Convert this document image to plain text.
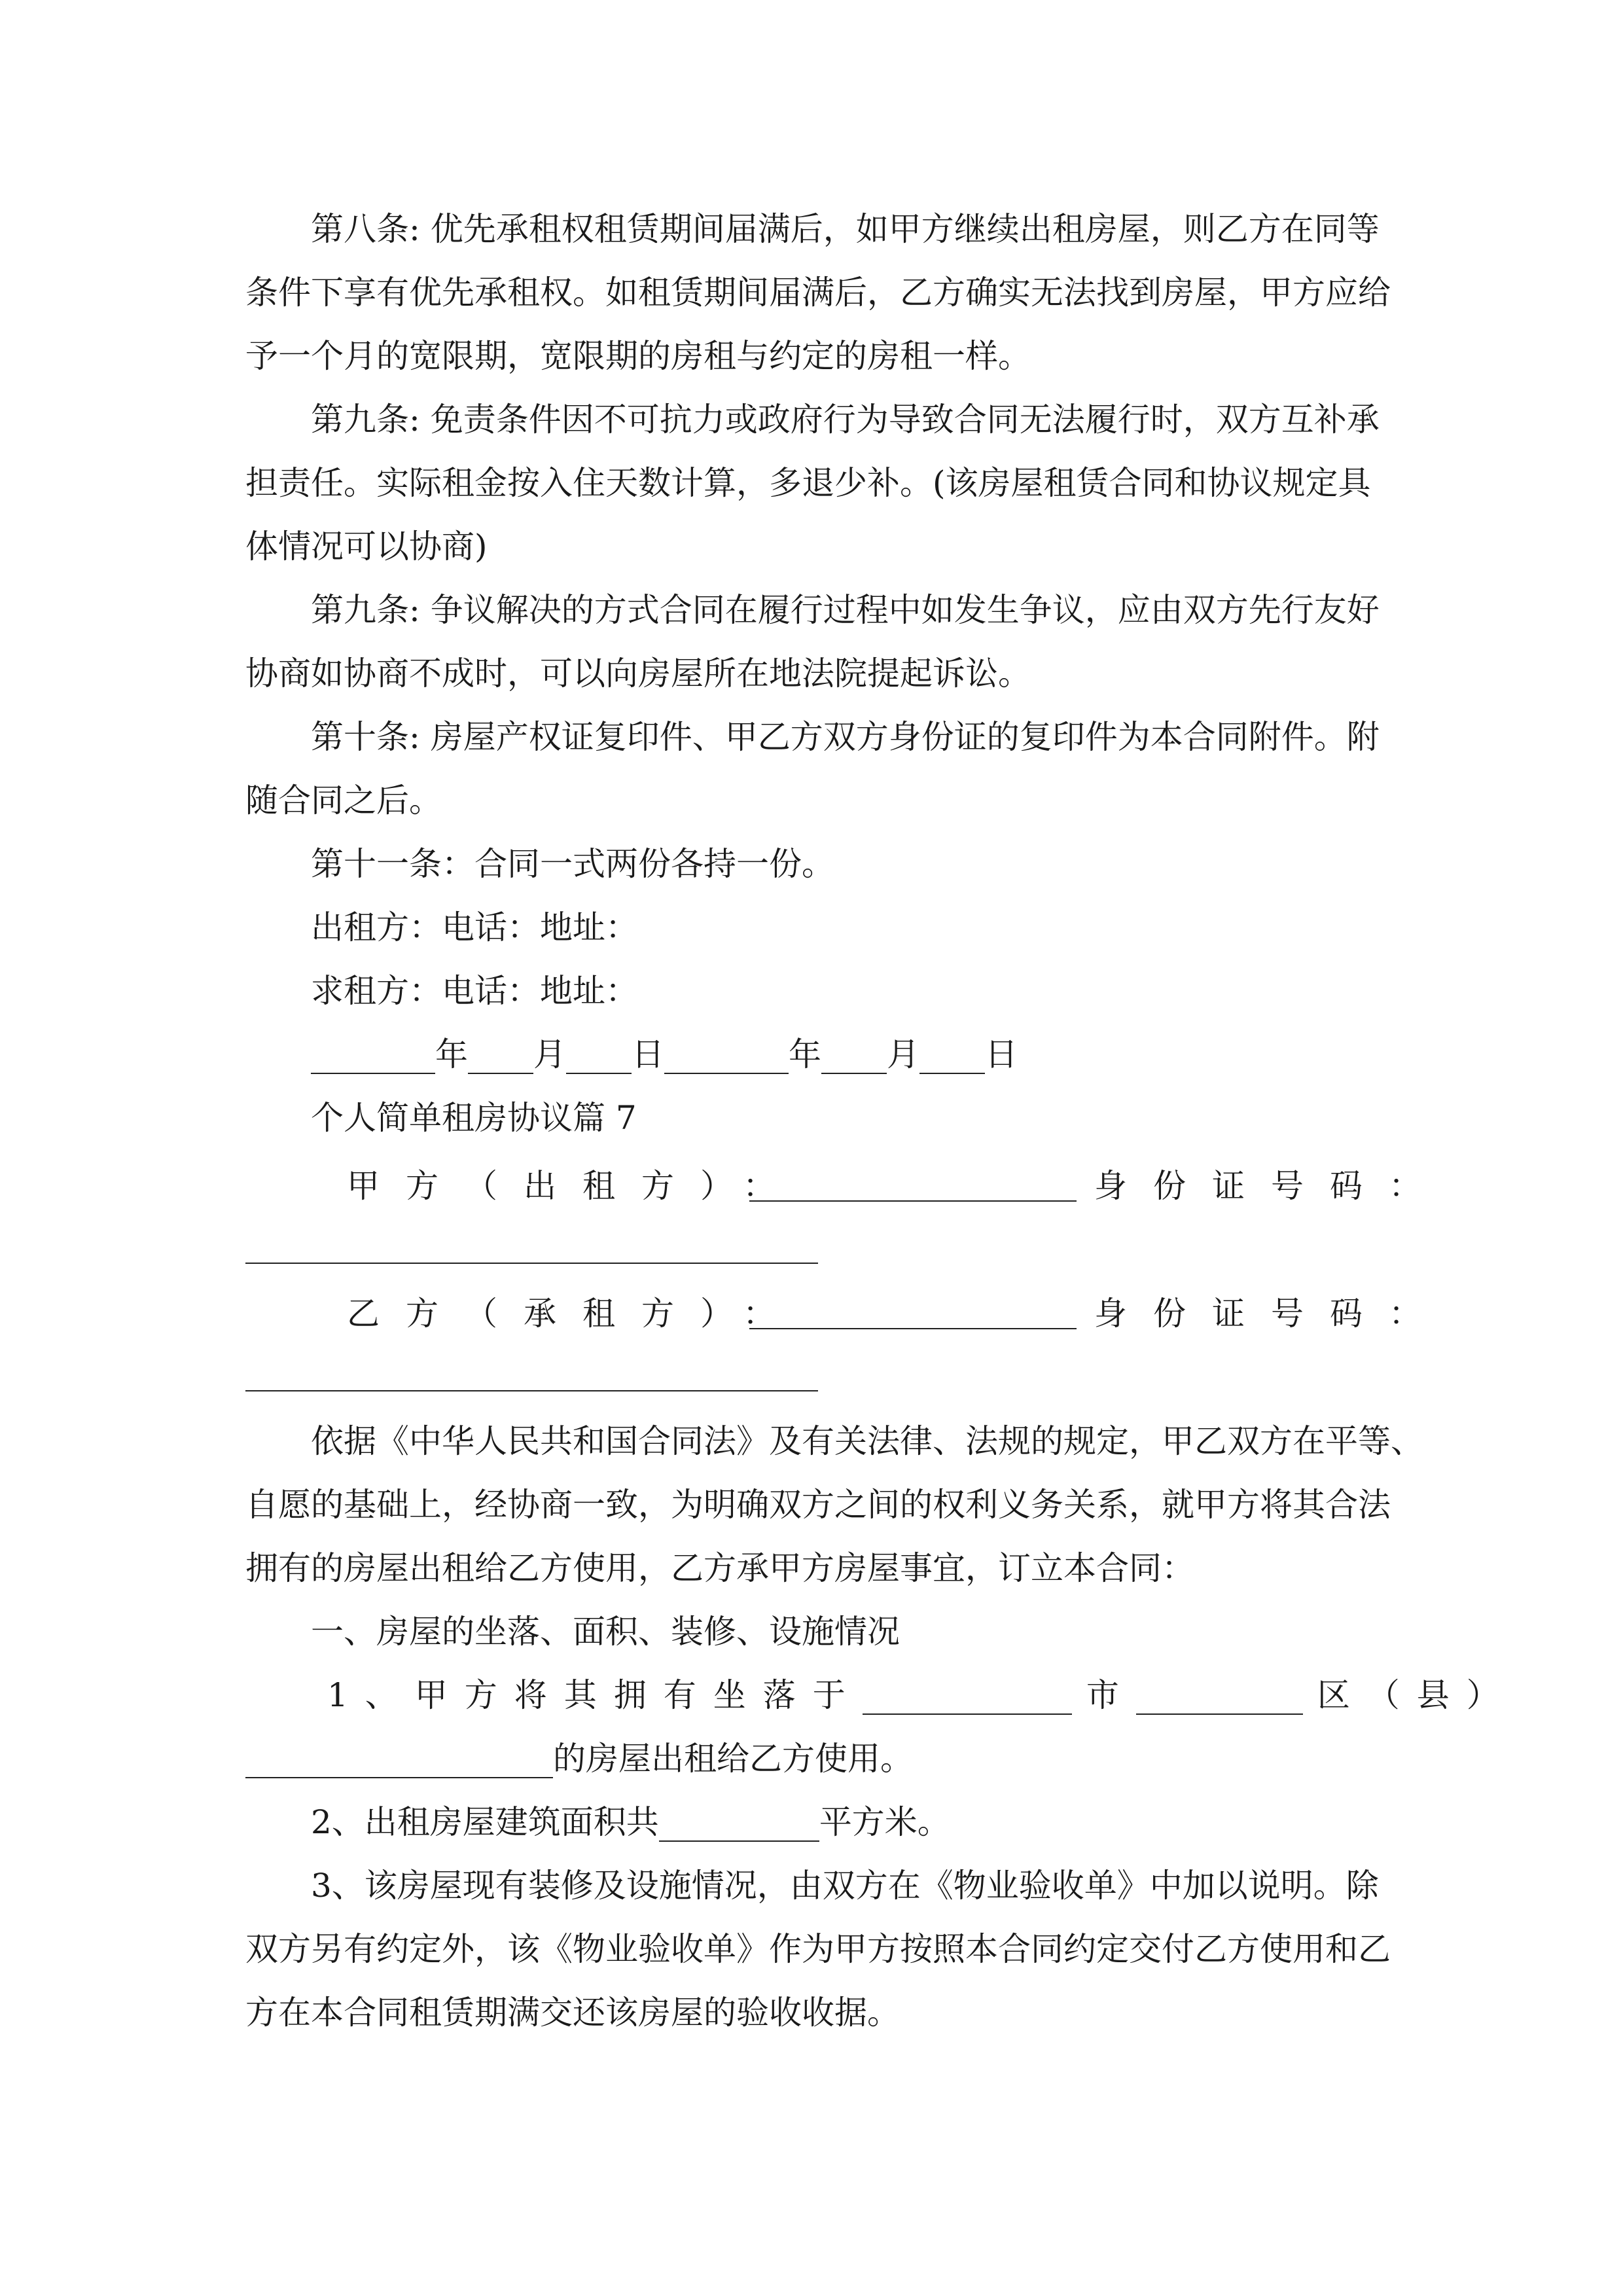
第八条: 优先承租权租赁期间届满后，如甲方继续出租房屋，则乙方在同等
条件下享有优先承租权。如租赁期间届满后，乙方确实无法找到房屋，甲方应给
予一个月的宽限期，宽限期的房租与约定的房租一样。
第九条: 免责条件因不可抗力或政府行为导致合同无法履行时，双方互补承
担责任。实际租金按入住天数计算，多退少补。(该房屋租赁合同和协议规定具
体情况可以协商)
第九条: 争议解决的方式合同在履行过程中如发生争议，应由双方先行友好
协商如协商不成时，可以向房屋所在地法院提起诉讼。
第十条: 房屋产权证复印件、甲乙方双方身份证的复印件为本合同附件。附
随合同之后。
第十一条：合同一式两份各持一份。
出租方：电话：地址：
求租方：电话：地址：
年 月 日	年 月 日
个人简单租房协议篇 7
甲方（出租方）：	身份证号码：
乙方（承租方）：	身份证号码：
依据《中华人民共和国合同法》及有关法律、法规的规定，甲乙双方在平等、
自愿的基础上，经协商一致，为明确双方之间的权利义务关系，就甲方将其合法
拥有的房屋出租给乙方使用，乙方承甲方房屋事宜，订立本合同：
一、房屋的坐落、面积、装修、设施情况
1、甲方将其拥有坐落于	市	区（县）
的房屋出租给乙方使用。
2、出租房屋建筑面积共	平方米。
3、该房屋现有装修及设施情况，由双方在《物业验收单》中加以说明。除
双方另有约定外，该《物业验收单》作为甲方按照本合同约定交付乙方使用和乙
方在本合同租赁期满交还该房屋的验收收据。
